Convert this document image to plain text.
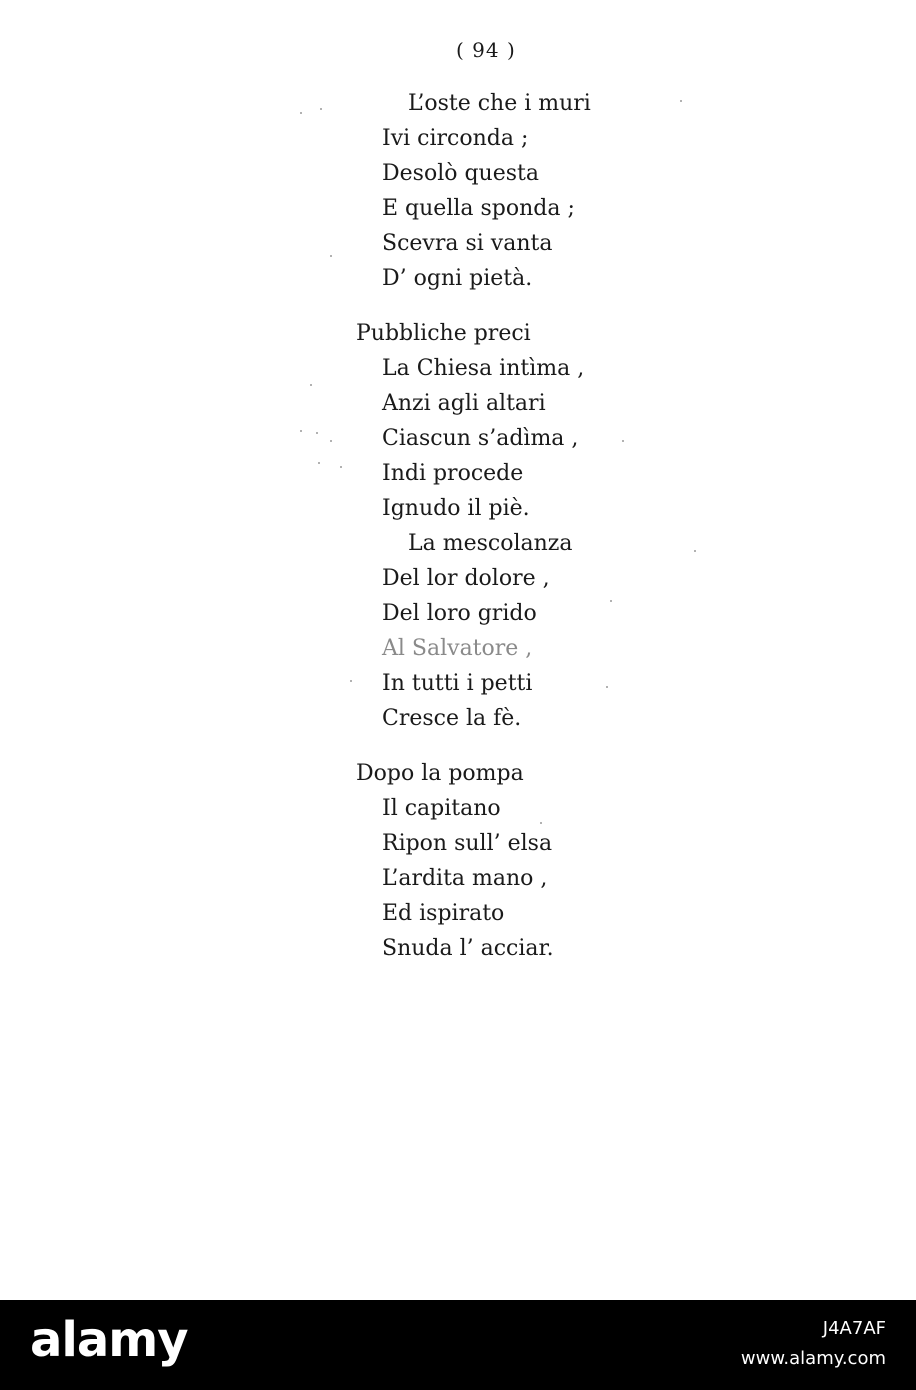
( 94 )
L’oste che i muri
Ivi circonda ;
Desolò questa
E quella sponda ;
Scevra si vanta
D’ ogni pietà.
Pubbliche preci
La Chiesa intìma ,
Anzi agli altari
Ciascun s’adìma ,
Indi procede
Ignudo il piè.
La mescolanza
Del lor dolore ,
Del loro grido
Al Salvatore ,
In tutti i petti
Cresce la fè.
Dopo la pompa
Il capitano
Ripon sull’ elsa
L’ardita mano ,
Ed ispirato
Snuda l’ acciar.
alamy	J4A7AF
www.alamy.com
